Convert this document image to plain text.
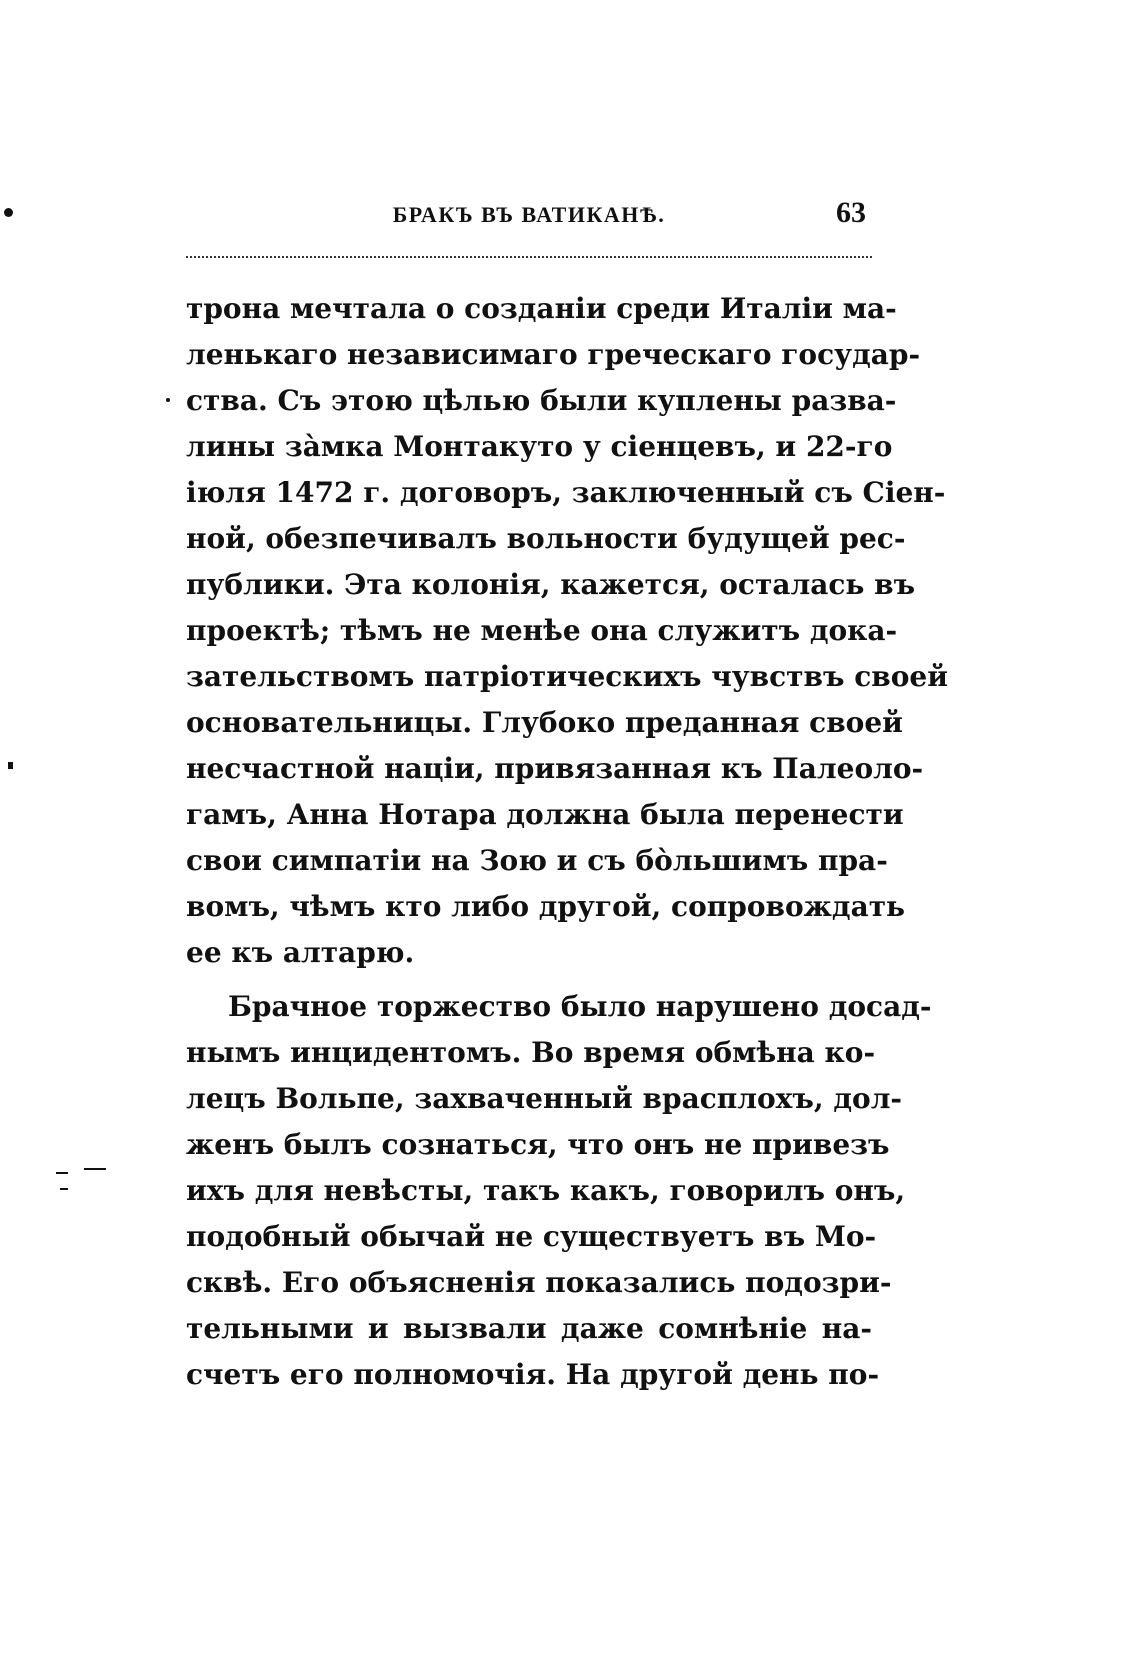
БРАКЪ ВЪ ВАТИКАНѢ.	63
трона мечтала о созданіи среди Италіи ма-
ленькаго независимаго греческаго государ-
ства. Съ этою цѣлью были куплены разва-
лины зàмка Монтакуто у сіенцевъ, и 22-го
іюля 1472 г. договоръ, заключенный съ Сіен-
ной, обезпечивалъ вольности будущей рес-
публики. Эта колонія, кажется, осталась въ
проектѣ; тѣмъ не менѣе она служитъ дока-
зательствомъ патріотическихъ чувствъ своей
основательницы. Глубоко преданная своей
несчастной націи, привязанная къ Палеоло-
гамъ, Анна Нотара должна была перенести
свои симпатіи на Зою и съ бòльшимъ пра-
вомъ, чѣмъ кто либо другой, сопровождать
ее къ алтарю.
Брачное торжество было нарушено досад-
нымъ инцидентомъ. Во время обмѣна ко-
лецъ Вольпе, захваченный врасплохъ, дол-
женъ былъ сознаться, что онъ не привезъ
ихъ для невѣсты, такъ какъ, говорилъ онъ,
подобный обычай не существуетъ въ Мо-
сквѣ. Его объясненія показались подозри-
тельными и вызвали даже сомнѣніе на-
счетъ его полномочія. На другой день по-
